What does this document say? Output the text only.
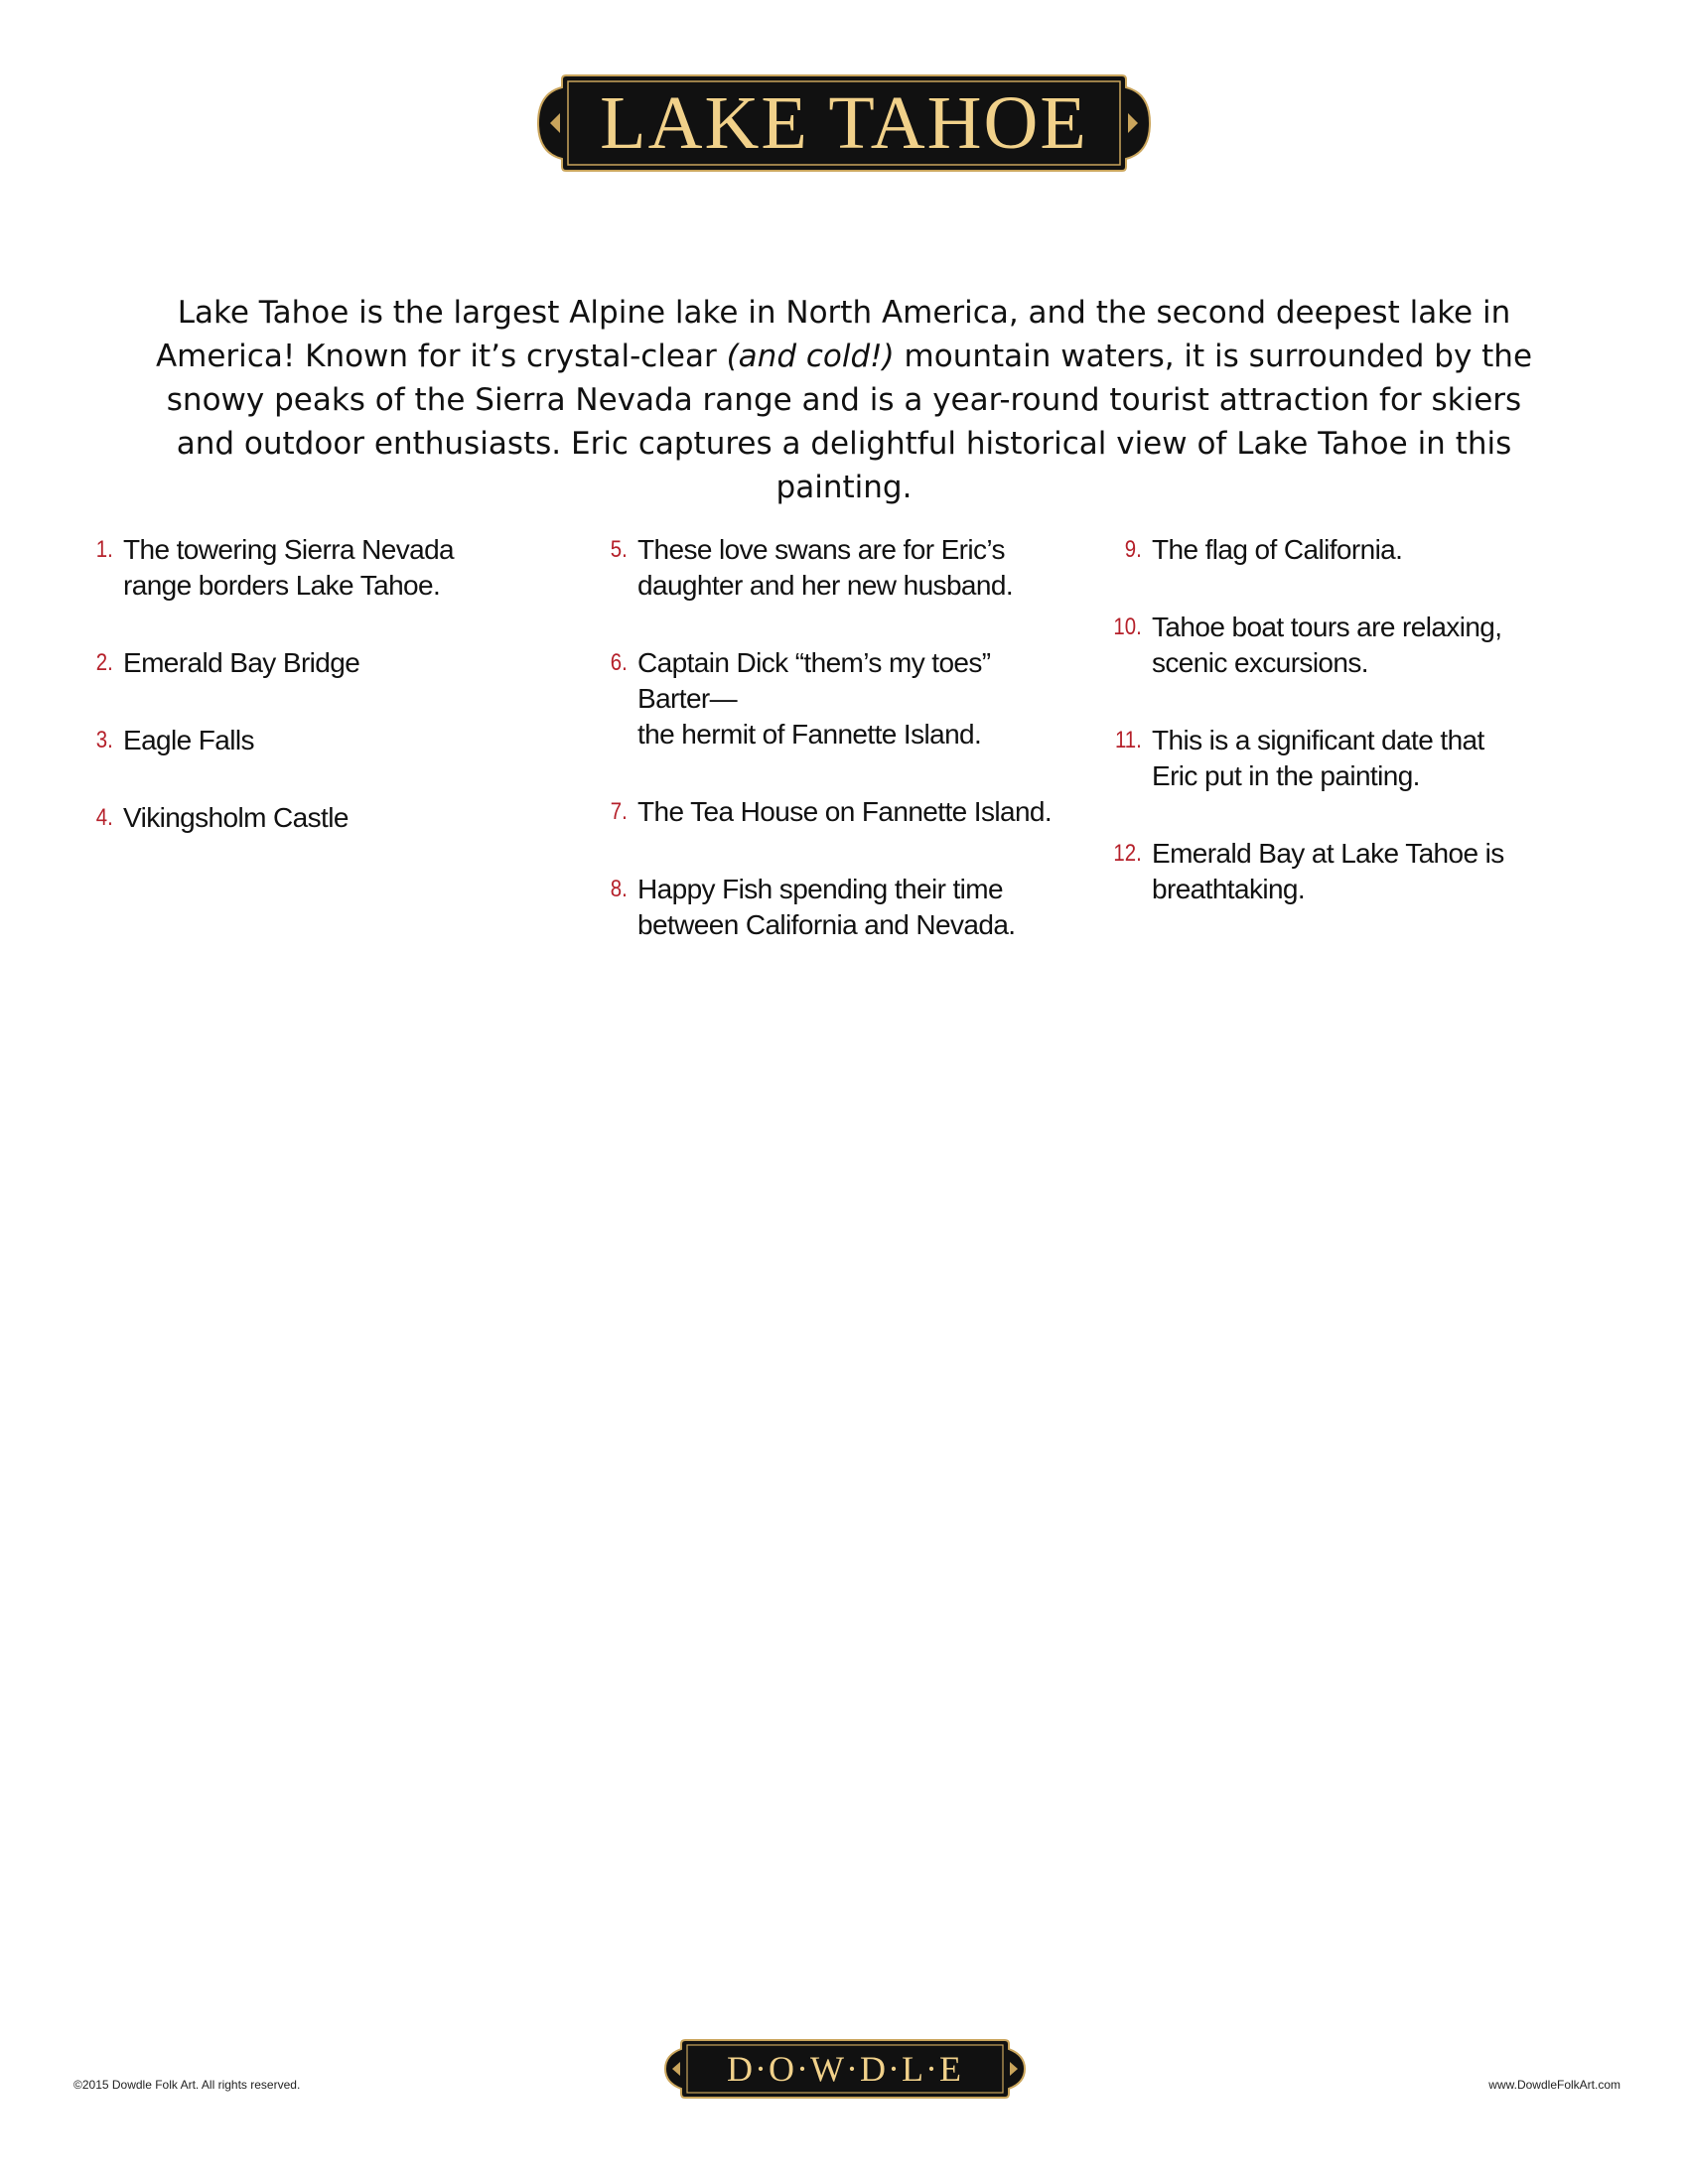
LAKE TAHOE

Lake Tahoe is the largest Alpine lake in North America, and the second deepest lake in America! Known for it’s crystal-clear (and cold!) mountain waters, it is surrounded by the snowy peaks of the Sierra Nevada range and is a year-round tourist attraction for skiers and outdoor enthusiasts. Eric captures a delightful historical view of Lake Tahoe in this painting.

1. The towering Sierra Nevada
range borders Lake Tahoe.
2. Emerald Bay Bridge
3. Eagle Falls
4. Vikingsholm Castle
5. These love swans are for Eric’s
daughter and her new husband.
6. Captain Dick “them’s my toes” Barter—
the hermit of Fannette Island.
7. The Tea House on Fannette Island.
8. Happy Fish spending their time
between California and Nevada.
9. The flag of California.
10. Tahoe boat tours are relaxing,
scenic excursions.
11. This is a significant date that
Eric put in the painting.
12. Emerald Bay at Lake Tahoe is breathtaking.
©2015 Dowdle Folk Art. All rights reserved.	D·O·W·D·L·E	www.DowdleFolkArt.com
